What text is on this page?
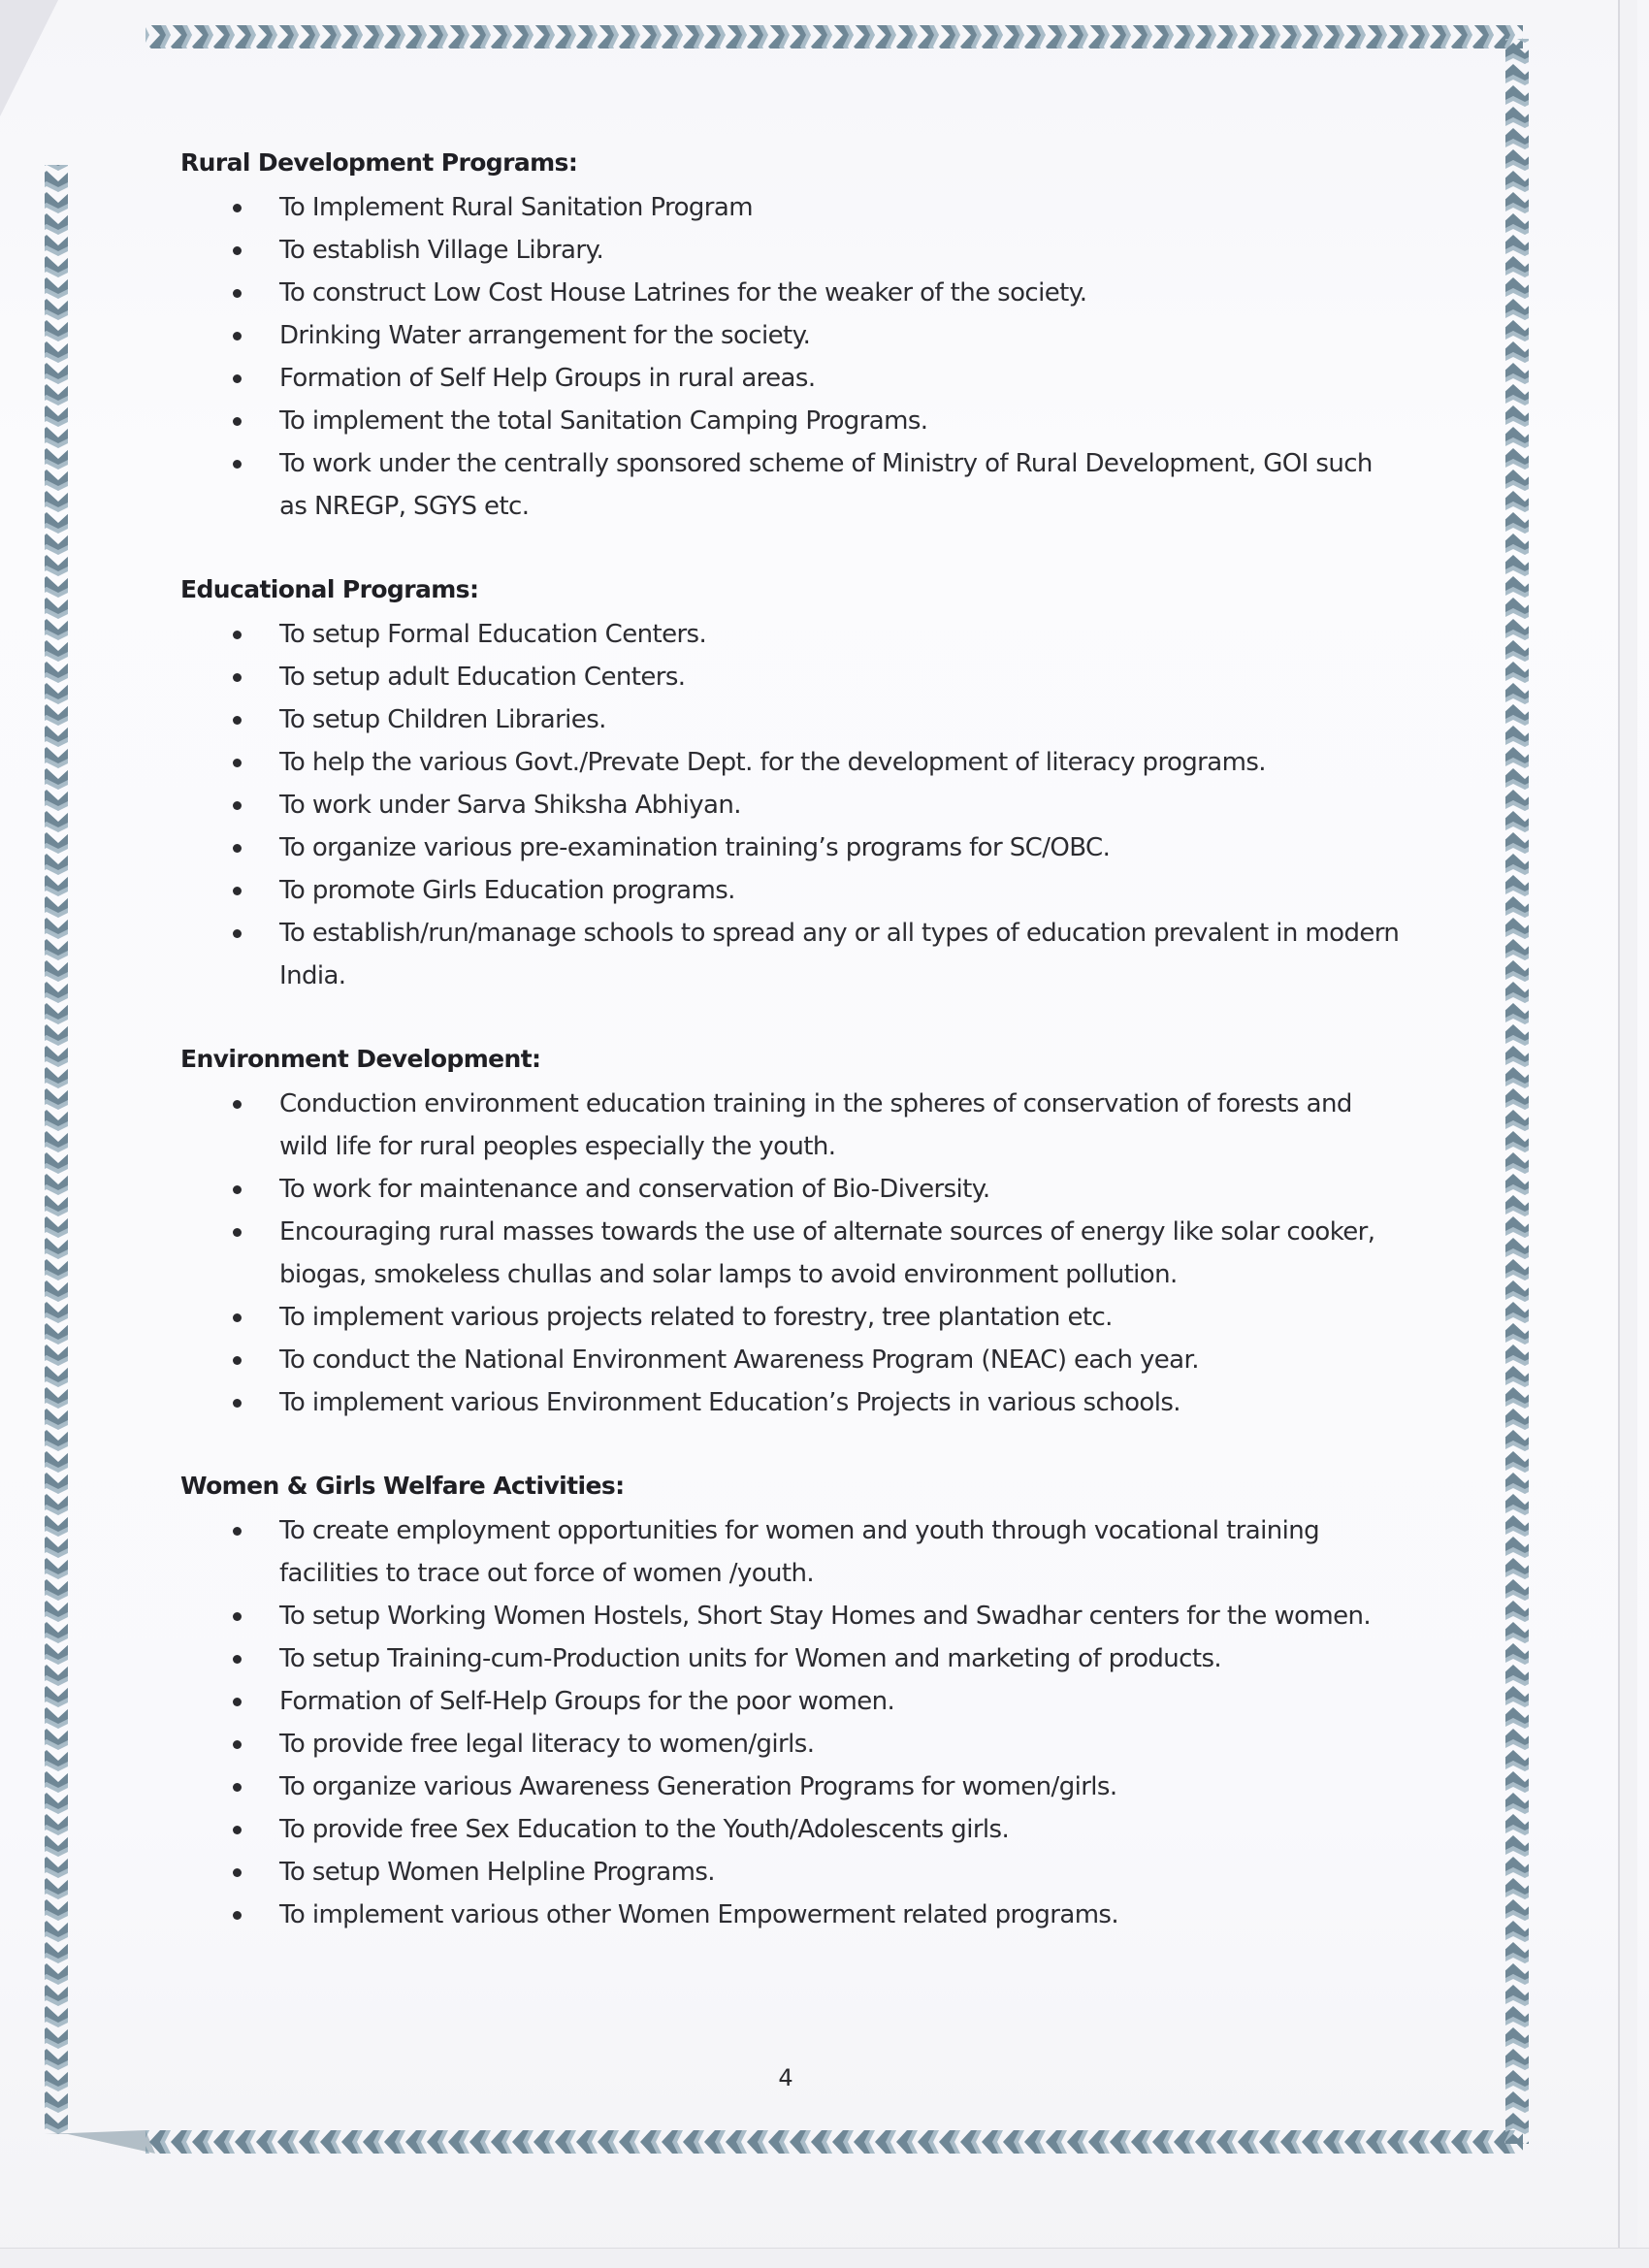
Rural Development Programs:
To Implement Rural Sanitation Program
To establish Village Library.
To construct Low Cost House Latrines for the weaker of the society.
Drinking Water arrangement for the society.
Formation of Self Help Groups in rural areas.
To implement the total Sanitation Camping Programs.
To work under the centrally sponsored scheme of Ministry of Rural Development, GOI such as NREGP, SGYS etc.
Educational Programs:
To setup Formal Education Centers.
To setup adult Education Centers.
To setup Children Libraries.
To help the various Govt./Prevate Dept. for the development of literacy programs.
To work under Sarva Shiksha Abhiyan.
To organize various pre-examination training’s programs for SC/OBC.
To promote Girls Education programs.
To establish/run/manage schools to spread any or all types of education prevalent in modern India.
Environment Development:
Conduction environment education training in the spheres of conservation of forests and wild life for rural peoples especially the youth.
To work for maintenance and conservation of Bio-Diversity.
Encouraging rural masses towards the use of alternate sources of energy like solar cooker, biogas, smokeless chullas and solar lamps to avoid environment pollution.
To implement various projects related to forestry, tree plantation etc.
To conduct the National Environment Awareness Program (NEAC) each year.
To implement various Environment Education’s Projects in various schools.
Women & Girls Welfare Activities:
To create employment opportunities for women and youth through vocational training facilities to trace out force of women /youth.
To setup Working Women Hostels, Short Stay Homes and Swadhar centers for the women.
To setup Training-cum-Production units for Women and marketing of products.
Formation of Self-Help Groups for the poor women.
To provide free legal literacy to women/girls.
To organize various Awareness Generation Programs for women/girls.
To provide free Sex Education to the Youth/Adolescents girls.
To setup Women Helpline Programs.
To implement various other Women Empowerment related programs.
4
